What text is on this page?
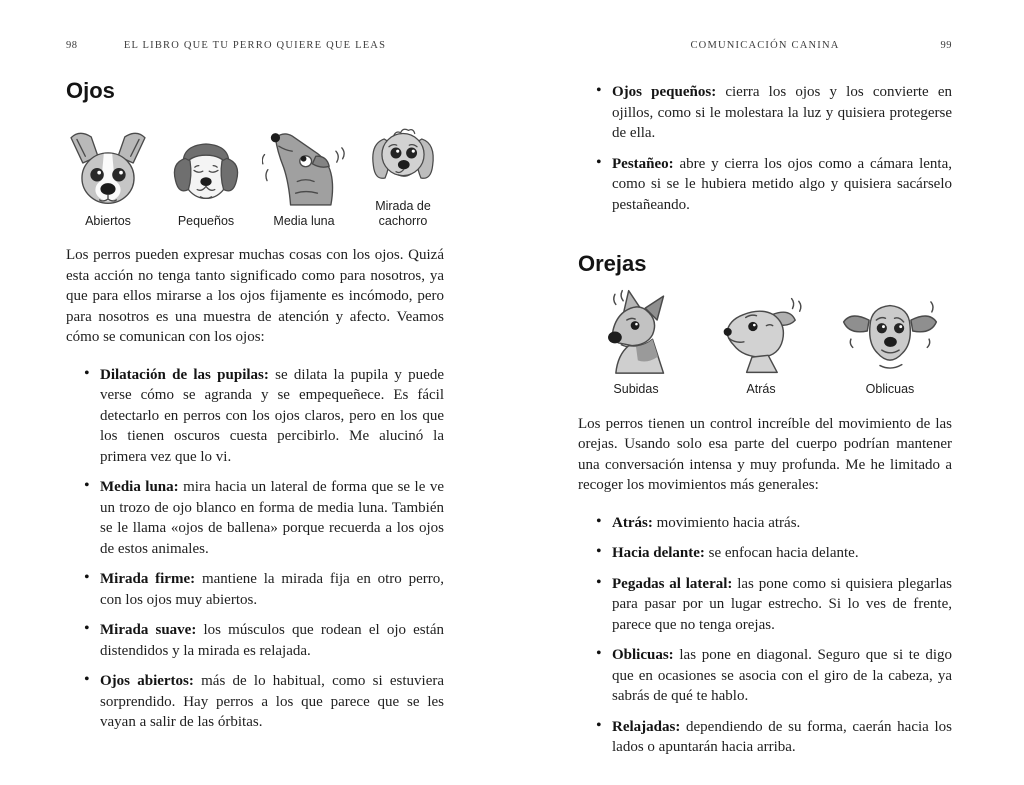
98	EL LIBRO QUE TU PERRO QUIERE QUE LEAS
Ojos
Abiertos	Pequeños	Media luna
Mirada de cachorro

Los perros pueden expresar muchas cosas con los ojos. Quizá esta acción no tenga tanto significado como para nosotros, ya que para ellos mirarse a los ojos fijamente es incómodo, pero para nosotros es una muestra de atención y afecto. Veamos cómo se comunican con los ojos:

• Dilatación de las pupilas: se dilata la pupila y puede verse cómo se agranda y se empequeñece. Es fácil detectarlo en perros con los ojos claros, pero en los que los tienen oscuros cuesta percibirlo. Me alucinó la primera vez que lo vi.
• Media luna: mira hacia un lateral de forma que se le ve un trozo de ojo blanco en forma de media luna. También se le llama «ojos de ballena» porque recuerda a los ojos de estos animales.
• Mirada firme: mantiene la mirada fija en otro perro, con los ojos muy abiertos.
• Mirada suave: los músculos que rodean el ojo están distendidos y la mirada es relajada.
• Ojos abiertos: más de lo habitual, como si estuviera sorprendido. Hay perros a los que parece que se les vayan a salir de las órbitas.
COMUNICACIÓN CANINA	99
• Ojos pequeños: cierra los ojos y los convierte en ojillos, como si le molestara la luz y quisiera protegerse de ella.
• Pestañeo: abre y cierra los ojos como a cámara lenta, como si se le hubiera metido algo y quisiera sacárselo pestañeando.
Orejas
Subidas	Atrás	Oblicuas

Los perros tienen un control increíble del movimiento de las orejas. Usando solo esa parte del cuerpo podrían mantener una conversación intensa y muy profunda. Me he limitado a recoger los movimientos más generales:

• Atrás: movimiento hacia atrás.
• Hacia delante: se enfocan hacia delante.
• Pegadas al lateral: las pone como si quisiera plegarlas para pasar por un lugar estrecho. Si lo ves de frente, parece que no tenga orejas.
• Oblicuas: las pone en diagonal. Seguro que si te digo que en ocasiones se asocia con el giro de la cabeza, ya sabrás de qué te hablo.
• Relajadas: dependiendo de su forma, caerán hacia los lados o apuntarán hacia arriba.
